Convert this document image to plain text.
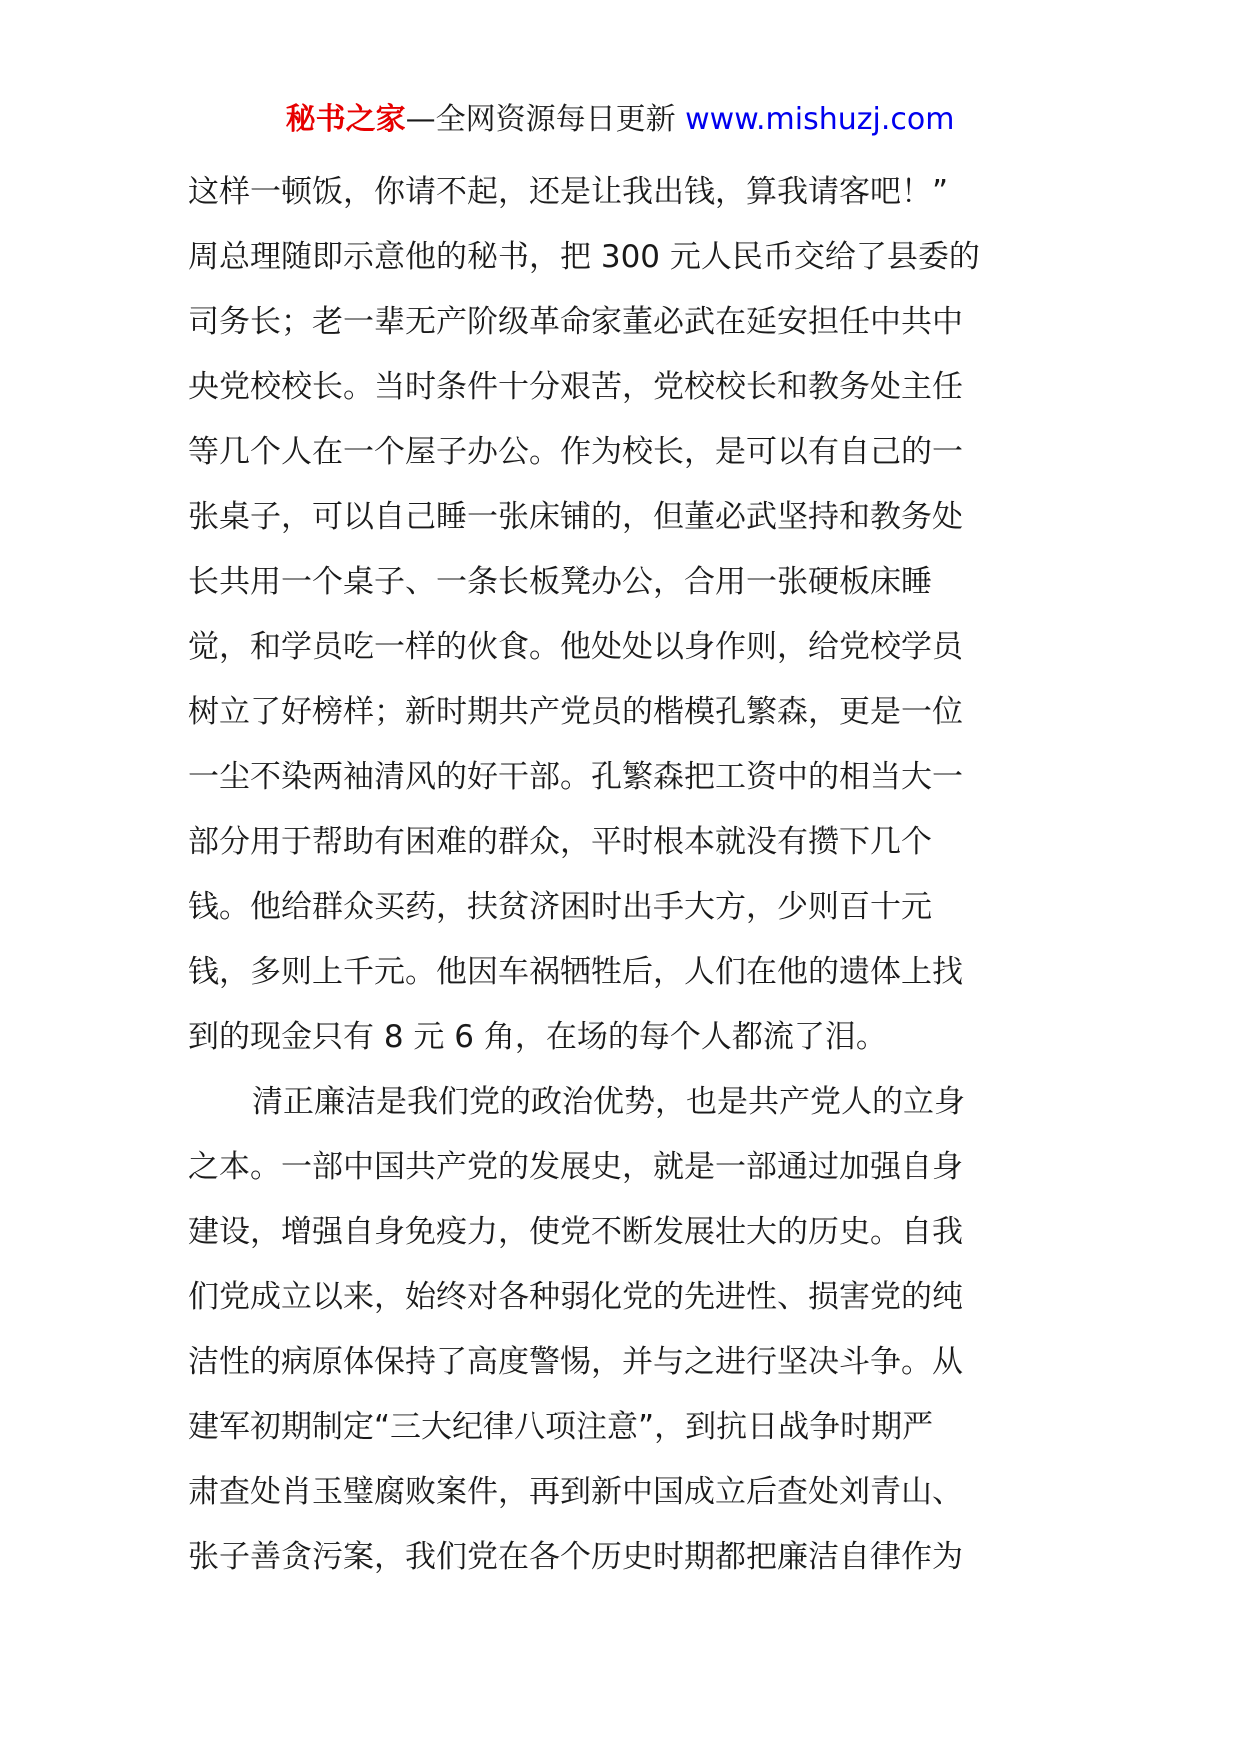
秘书之家—全网资源每日更新 www.mishuzj.com
这样一顿饭，你请不起，还是让我出钱，算我请客吧！”
周总理随即示意他的秘书，把 300 元人民币交给了县委的
司务长；老一辈无产阶级革命家董必武在延安担任中共中
央党校校长。当时条件十分艰苦，党校校长和教务处主任
等几个人在一个屋子办公。作为校长，是可以有自己的一
张桌子，可以自己睡一张床铺的，但董必武坚持和教务处
长共用一个桌子、一条长板凳办公，合用一张硬板床睡
觉，和学员吃一样的伙食。他处处以身作则，给党校学员
树立了好榜样；新时期共产党员的楷模孔繁森，更是一位
一尘不染两袖清风的好干部。孔繁森把工资中的相当大一
部分用于帮助有困难的群众，平时根本就没有攒下几个
钱。他给群众买药，扶贫济困时出手大方，少则百十元
钱，多则上千元。他因车祸牺牲后，人们在他的遗体上找
到的现金只有 8 元 6 角，在场的每个人都流了泪。
清正廉洁是我们党的政治优势，也是共产党人的立身
之本。一部中国共产党的发展史，就是一部通过加强自身
建设，增强自身免疫力，使党不断发展壮大的历史。自我
们党成立以来，始终对各种弱化党的先进性、损害党的纯
洁性的病原体保持了高度警惕，并与之进行坚决斗争。从
建军初期制定“三大纪律八项注意”，到抗日战争时期严
肃查处肖玉璧腐败案件，再到新中国成立后查处刘青山、
张子善贪污案，我们党在各个历史时期都把廉洁自律作为
